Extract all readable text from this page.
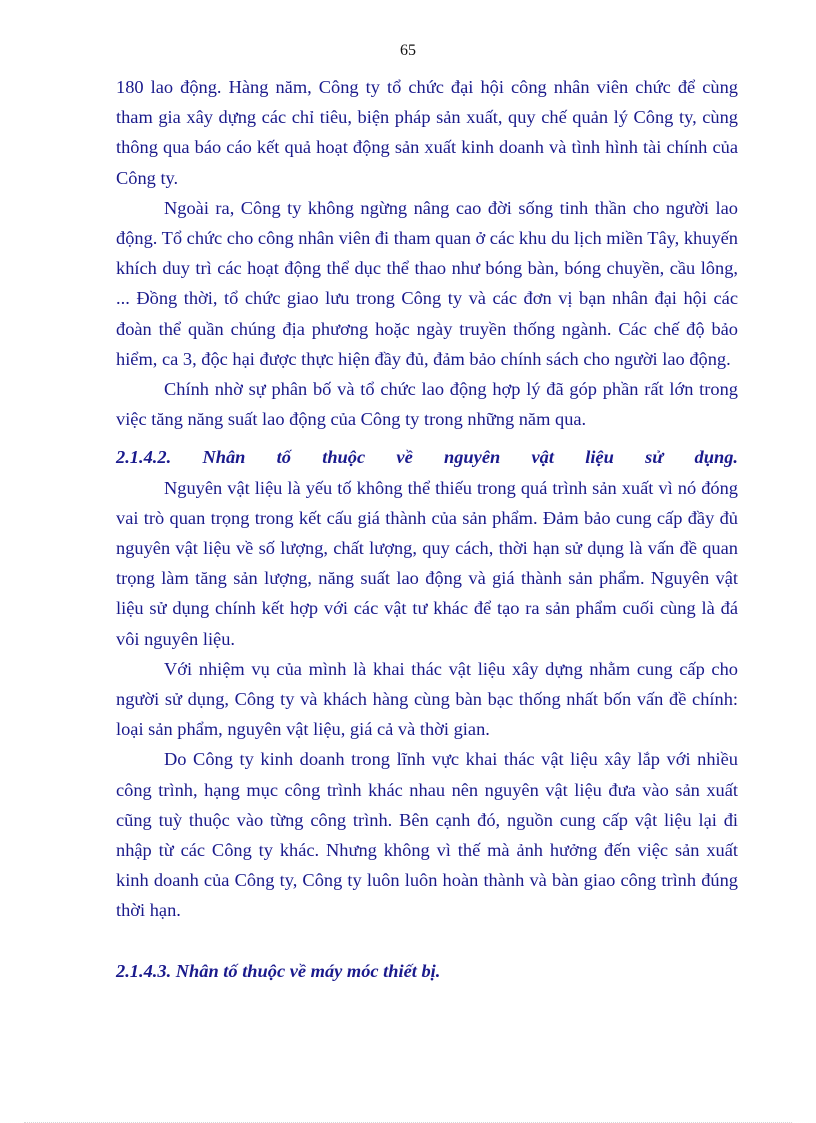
65

180 lao động. Hàng năm, Công ty tổ chức đại hội công nhân viên chức để cùng tham gia xây dựng các chỉ tiêu, biện pháp sản xuất, quy chế quản lý Công ty, cùng thông qua báo cáo kết quả hoạt động sản xuất kinh doanh và tình hình tài chính của Công ty.

Ngoài ra, Công ty không ngừng nâng cao đời sống tinh thần cho người lao động. Tổ chức cho công nhân viên đi tham quan ở các khu du lịch miền Tây, khuyến khích duy trì các hoạt động thể dục thể thao như bóng bàn, bóng chuyền, cầu lông, ... Đồng thời, tổ chức giao lưu trong Công ty và các đơn vị bạn nhân đại hội các đoàn thể quần chúng địa phương hoặc ngày truyền thống ngành. Các chế độ bảo hiểm, ca 3, độc hại được thực hiện đầy đủ, đảm bảo chính sách cho người lao động.

Chính nhờ sự phân bố và tổ chức lao động hợp lý đã góp phần rất lớn trong việc tăng năng suất lao động của Công ty trong những năm qua.

2.1.4.2. Nhân tố thuộc về nguyên vật liệu sử dụng.

Nguyên vật liệu là yếu tố không thể thiếu trong quá trình sản xuất vì nó đóng vai trò quan trọng trong kết cấu giá thành của sản phẩm. Đảm bảo cung cấp đầy đủ nguyên vật liệu về số lượng, chất lượng, quy cách, thời hạn sử dụng là vấn đề quan trọng làm tăng sản lượng, năng suất lao động và giá thành sản phẩm. Nguyên vật liệu sử dụng chính kết hợp với các vật tư khác để tạo ra sản phẩm cuối cùng là đá vôi nguyên liệu.

Với nhiệm vụ của mình là khai thác vật liệu xây dựng nhằm cung cấp cho người sử dụng, Công ty và khách hàng cùng bàn bạc thống nhất bốn vấn đề chính: loại sản phẩm, nguyên vật liệu, giá cả và thời gian.

Do Công ty kinh doanh trong lĩnh vực khai thác vật liệu xây lắp với nhiều công trình, hạng mục công trình khác nhau nên nguyên vật liệu đưa vào sản xuất cũng tuỳ thuộc vào từng công trình. Bên cạnh đó, nguồn cung cấp vật liệu lại đi nhập từ các Công ty khác. Nhưng không vì thế mà ảnh hưởng đến việc sản xuất kinh doanh của Công ty, Công ty luôn luôn hoàn thành và bàn giao công trình đúng thời hạn.

2.1.4.3. Nhân tố thuộc về máy móc thiết bị.
